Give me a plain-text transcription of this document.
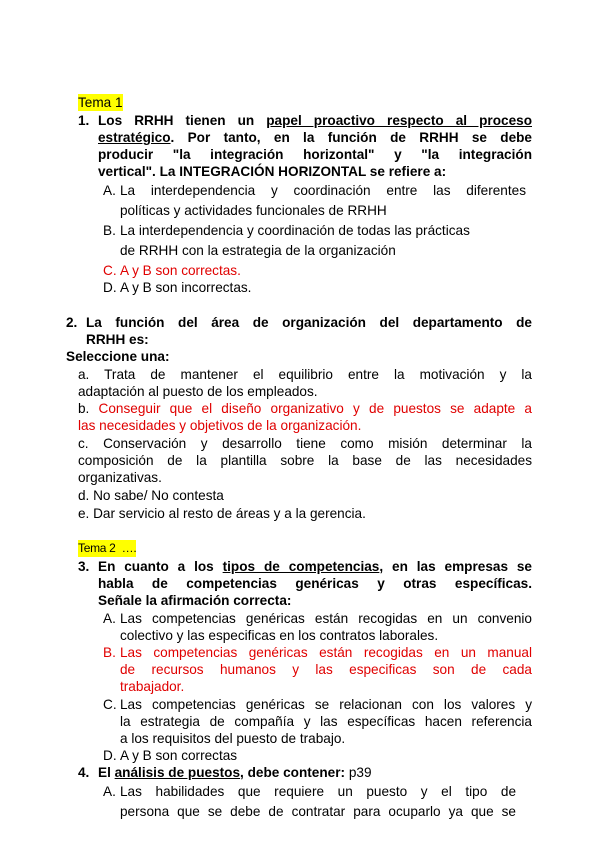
Tema 1
1. Los RRHH tienen un papel proactivo respecto al proceso
estratégico. Por tanto, en la función de RRHH se debe
producir "la integración horizontal" y "la integración
vertical". La INTEGRACIÓN HORIZONTAL se refiere a:
A. La interdependencia y coordinación entre las diferentes
políticas y actividades funcionales de RRHH
B. La interdependencia y coordinación de todas las prácticas
de RRHH con la estrategia de la organización
C. A y B son correctas.
D. A y B son incorrectas.
2. La función del área de organización del departamento de
RRHH es:
Seleccione una:
a. Trata de mantener el equilibrio entre la motivación y la
adaptación al puesto de los empleados.
b. Conseguir que el diseño organizativo y de puestos se adapte a
las necesidades y objetivos de la organización.
c. Conservación y desarrollo tiene como misión determinar la
composición de la plantilla sobre la base de las necesidades
organizativas.
d. No sabe/ No contesta
e. Dar servicio al resto de áreas y a la gerencia.
Tema 2 ….
3. En cuanto a los tipos de competencias, en las empresas se
habla de competencias genéricas y otras específicas.
Señale la afirmación correcta:
A. Las competencias genéricas están recogidas en un convenio
colectivo y las especificas en los contratos laborales.
B. Las competencias genéricas están recogidas en un manual
de recursos humanos y las especificas son de cada
trabajador.
C. Las competencias genéricas se relacionan con los valores y
la estrategia de compañía y las específicas hacen referencia
a los requisitos del puesto de trabajo.
D. A y B son correctas
4. El análisis de puestos, debe contener: p39
A. Las habilidades que requiere un puesto y el tipo de
persona que se debe de contratar para ocuparlo ya que se
